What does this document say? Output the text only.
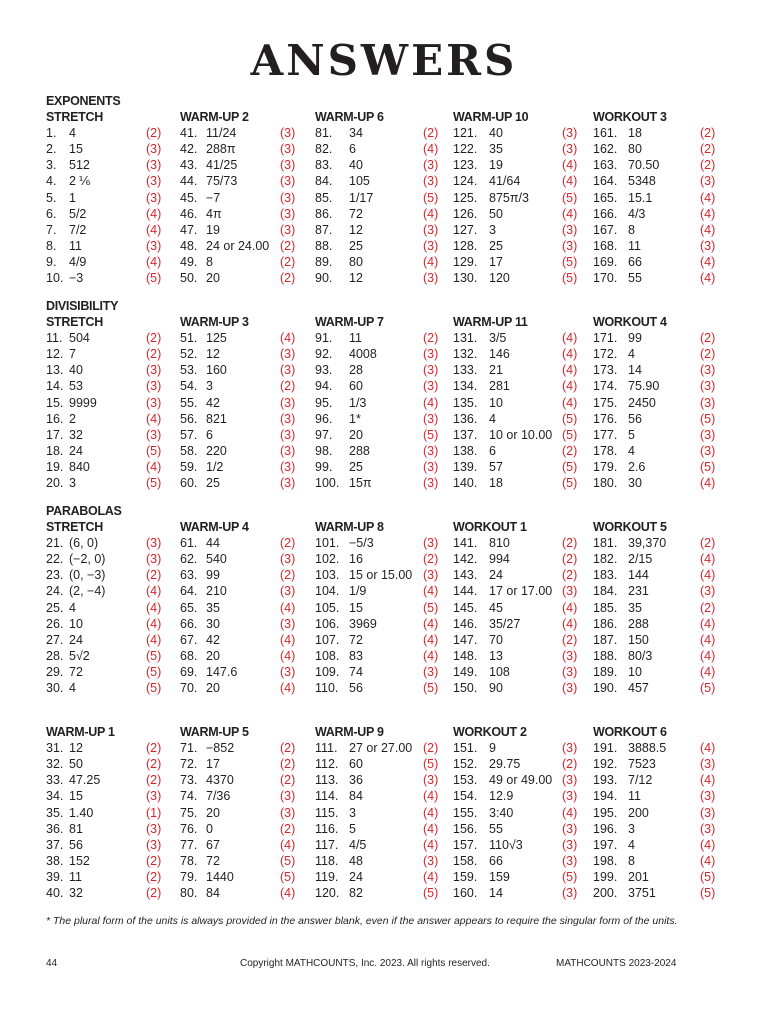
ANSWERS
EXPONENTS
STRETCH
1. 4	(2)
2. 15	(3)
3. 512	(3)
4. 2 ⅙	(3)
5. 1	(3)
6. 5/2	(4)
7. 7/2	(4)
8. 11	(3)
9. 4/9	(4)
10. −3	(5)
WARM-UP 2
41. 11/24	(3)
42. 288π	(3)
43. 41/25	(3)
44. 75/73	(3)
45. −7	(3)
46. 4π	(3)
47. 19	(3)
48. 24 or 24.00 (2)
49. 8	(2)
50. 20	(2)
WARM-UP 6
81. 34	(2)
82. 6	(4)
83. 40	(3)
84. 105	(3)
85. 1/17	(5)
86. 72	(4)
87. 12	(3)
88. 25	(3)
89. 80	(4)
90. 12	(3)
WARM-UP 10
121. 40	(3)
122. 35	(3)
123. 19	(4)
124. 41/64	(4)
125. 875π/3	(5)
126. 50	(4)
127. 3	(3)
128. 25	(3)
129. 17	(5)
130. 120	(5)
WORKOUT 3
161. 18	(2)
162. 80	(2)
163. 70.50	(2)
164. 5348	(3)
165. 15.1	(4)
166. 4/3	(4)
167. 8	(4)
168. 11	(3)
169. 66	(4)
170. 55	(4)
DIVISIBILITY
STRETCH
11. 504	(2)
12. 7	(2)
13. 40	(3)
14. 53	(3)
15. 9999	(3)
16. 2	(4)
17. 32	(3)
18. 24	(5)
19. 840	(4)
20. 3	(5)
WARM-UP 3
51. 125	(4)
52. 12	(3)
53. 160	(3)
54. 3	(2)
55. 42	(3)
56. 821	(3)
57. 6	(3)
58. 220	(3)
59. 1/2	(3)
60. 25	(3)
WARM-UP 7
91. 11	(2)
92. 4008	(3)
93. 28	(3)
94. 60	(3)
95. 1/3	(4)
96. 1*	(3)
97. 20	(5)
98. 288	(3)
99. 25	(3)
100. 15π	(3)
WARM-UP 11
131. 3/5	(4)
132. 146	(4)
133. 21	(4)
134. 281	(4)
135. 10	(4)
136. 4	(5)
137. 10 or 10.00 (5)
138. 6	(2)
139. 57	(5)
140. 18	(5)
WORKOUT 4
171. 99	(2)
172. 4	(2)
173. 14	(3)
174. 75.90	(3)
175. 2450	(3)
176. 56	(5)
177. 5	(3)
178. 4	(3)
179. 2.6	(5)
180. 30	(4)
PARABOLAS
STRETCH
21. (6, 0)	(3)
22. (−2, 0)	(3)
23. (0, −3)	(2)
24. (2, −4)	(4)
25. 4	(4)
26. 10	(4)
27. 24	(4)
28. 5√2	(5)
29. 72	(5)
30. 4	(5)
WARM-UP 4
61. 44	(2)
62. 540	(3)
63. 99	(2)
64. 210	(3)
65. 35	(4)
66. 30	(3)
67. 42	(4)
68. 20	(4)
69. 147.6	(3)
70. 20	(4)
WARM-UP 8
101. −5/3	(3)
102. 16	(2)
103. 15 or 15.00 (3)
104. 1/9	(4)
105. 15	(5)
106. 3969	(4)
107. 72	(4)
108. 83	(4)
109. 74	(3)
110. 56	(5)
WORKOUT 1
141. 810	(2)
142. 994	(2)
143. 24	(2)
144. 17 or 17.00 (3)
145. 45	(4)
146. 35/27	(4)
147. 70	(2)
148. 13	(3)
149. 108	(3)
150. 90	(3)
WORKOUT 5
181. 39,370	(2)
182. 2/15	(4)
183. 144	(4)
184. 231	(3)
185. 35	(2)
186. 288	(4)
187. 150	(4)
188. 80/3	(4)
189. 10	(4)
190. 457	(5)
WARM-UP 1
31. 12	(2)
32. 50	(2)
33. 47.25	(2)
34. 15	(3)
35. 1.40	(1)
36. 81	(3)
37. 56	(3)
38. 152	(2)
39. 11	(2)
40. 32	(2)
WARM-UP 5
71. −852	(2)
72. 17	(2)
73. 4370	(2)
74. 7/36	(3)
75. 20	(3)
76. 0	(2)
77. 67	(4)
78. 72	(5)
79. 1440	(5)
80. 84	(4)
WARM-UP 9
111. 27 or 27.00 (2)
112. 60	(5)
113. 36	(3)
114. 84	(4)
115. 3	(4)
116. 5	(4)
117. 4/5	(4)
118. 48	(3)
119. 24	(4)
120. 82	(5)
WORKOUT 2
151. 9	(3)
152. 29.75	(2)
153. 49 or 49.00 (3)
154. 12.9	(3)
155. 3:40	(4)
156. 55	(3)
157. 110√3	(3)
158. 66	(3)
159. 159	(5)
160. 14	(3)
WORKOUT 6
191. 3888.5	(4)
192. 7523	(3)
193. 7/12	(4)
194. 11	(3)
195. 200	(3)
196. 3	(3)
197. 4	(4)
198. 8	(4)
199. 201	(5)
200. 3751	(5)
* The plural form of the units is always provided in the answer blank, even if the answer appears to require the singular form of the units.
44	Copyright MATHCOUNTS, Inc. 2023. All rights reserved.	MATHCOUNTS 2023-2024
